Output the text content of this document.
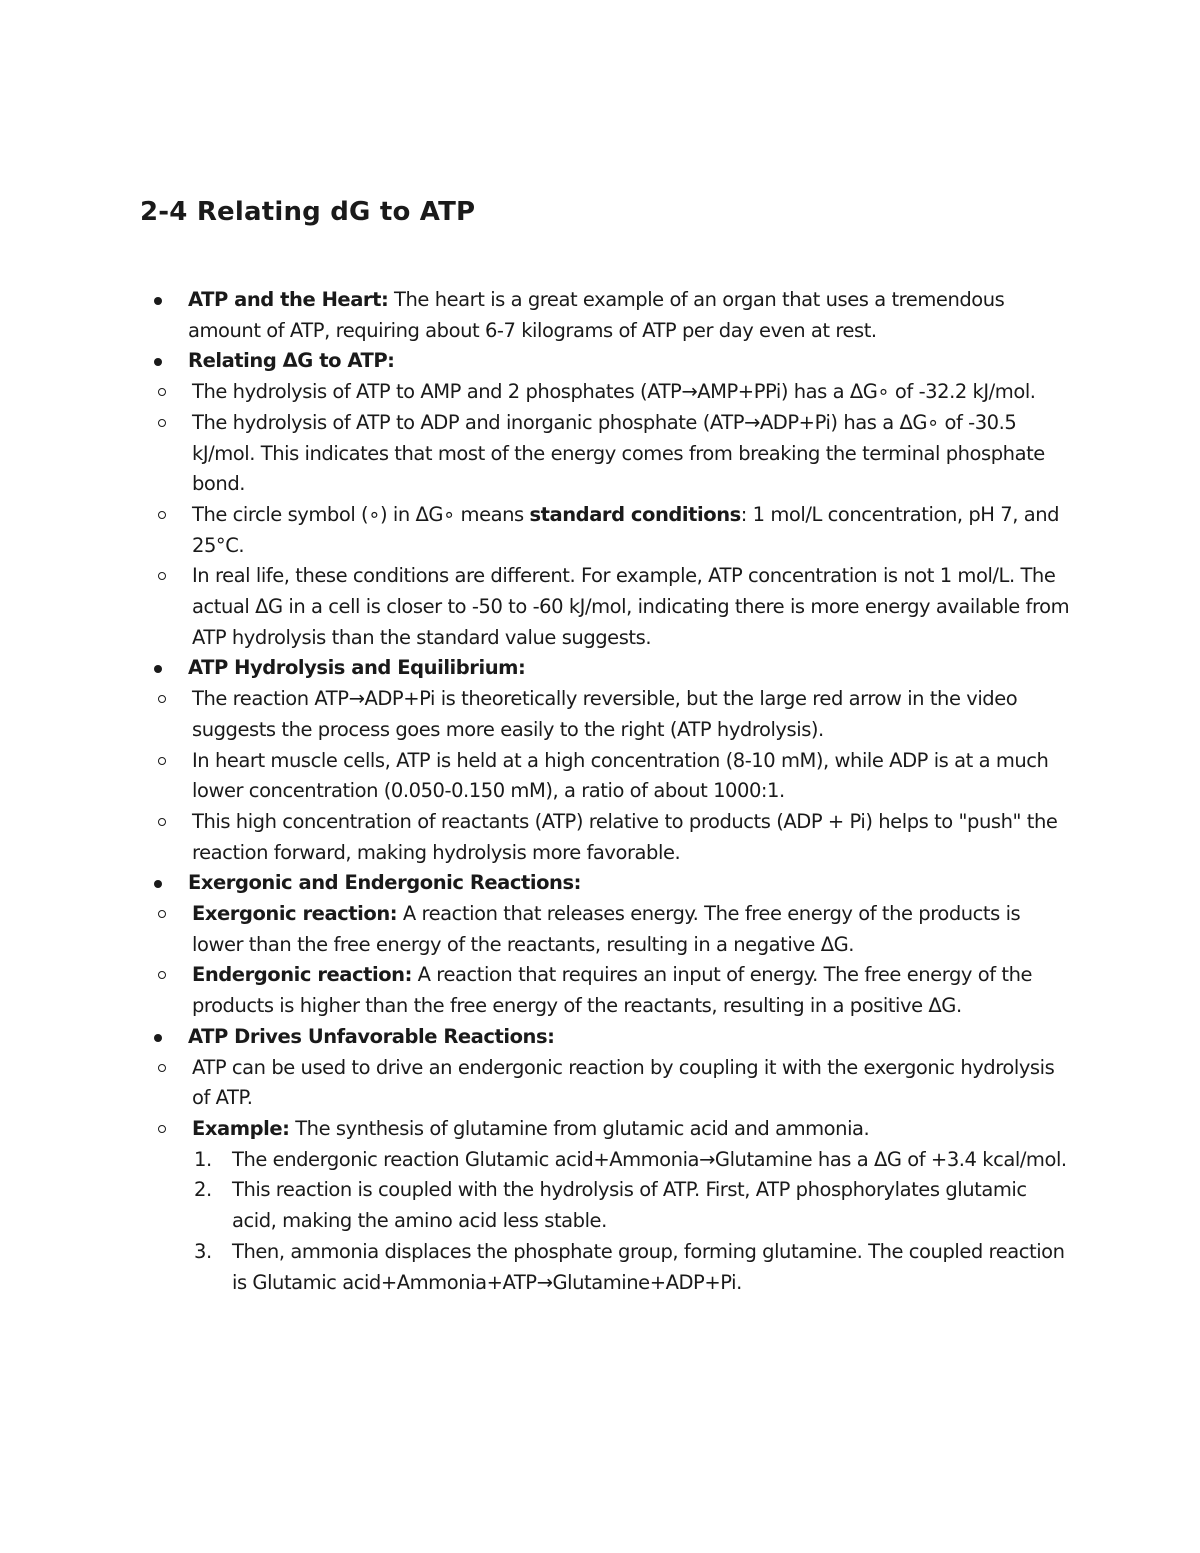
2-4 Relating dG to ATP
ATP and the Heart: The heart is a great example of an organ that uses a tremendous amount of ATP, requiring about 6-7 kilograms of ATP per day even at rest.
Relating ΔG to ATP:
The hydrolysis of ATP to AMP and 2 phosphates (ATP→AMP+PPi) has a ΔG∘ of -32.2 kJ/mol.
The hydrolysis of ATP to ADP and inorganic phosphate (ATP→ADP+Pi) has a ΔG∘ of -30.5 kJ/mol. This indicates that most of the energy comes from breaking the terminal phosphate bond.
The circle symbol (∘) in ΔG∘ means standard conditions: 1 mol/L concentration, pH 7, and 25°C.
In real life, these conditions are different. For example, ATP concentration is not 1 mol/L. The actual ΔG in a cell is closer to -50 to -60 kJ/mol, indicating there is more energy available from ATP hydrolysis than the standard value suggests.
ATP Hydrolysis and Equilibrium:
The reaction ATP→ADP+Pi is theoretically reversible, but the large red arrow in the video suggests the process goes more easily to the right (ATP hydrolysis).
In heart muscle cells, ATP is held at a high concentration (8-10 mM), while ADP is at a much lower concentration (0.050-0.150 mM), a ratio of about 1000:1.
This high concentration of reactants (ATP) relative to products (ADP + Pi) helps to "push" the reaction forward, making hydrolysis more favorable.
Exergonic and Endergonic Reactions:
Exergonic reaction: A reaction that releases energy. The free energy of the products is lower than the free energy of the reactants, resulting in a negative ΔG.
Endergonic reaction: A reaction that requires an input of energy. The free energy of the products is higher than the free energy of the reactants, resulting in a positive ΔG.
ATP Drives Unfavorable Reactions:
ATP can be used to drive an endergonic reaction by coupling it with the exergonic hydrolysis of ATP.
Example: The synthesis of glutamine from glutamic acid and ammonia.
1. The endergonic reaction Glutamic acid+Ammonia→Glutamine has a ΔG of +3.4 kcal/mol.
2. This reaction is coupled with the hydrolysis of ATP. First, ATP phosphorylates glutamic acid, making the amino acid less stable.
3. Then, ammonia displaces the phosphate group, forming glutamine. The coupled reaction is Glutamic acid+Ammonia+ATP→Glutamine+ADP+Pi.
